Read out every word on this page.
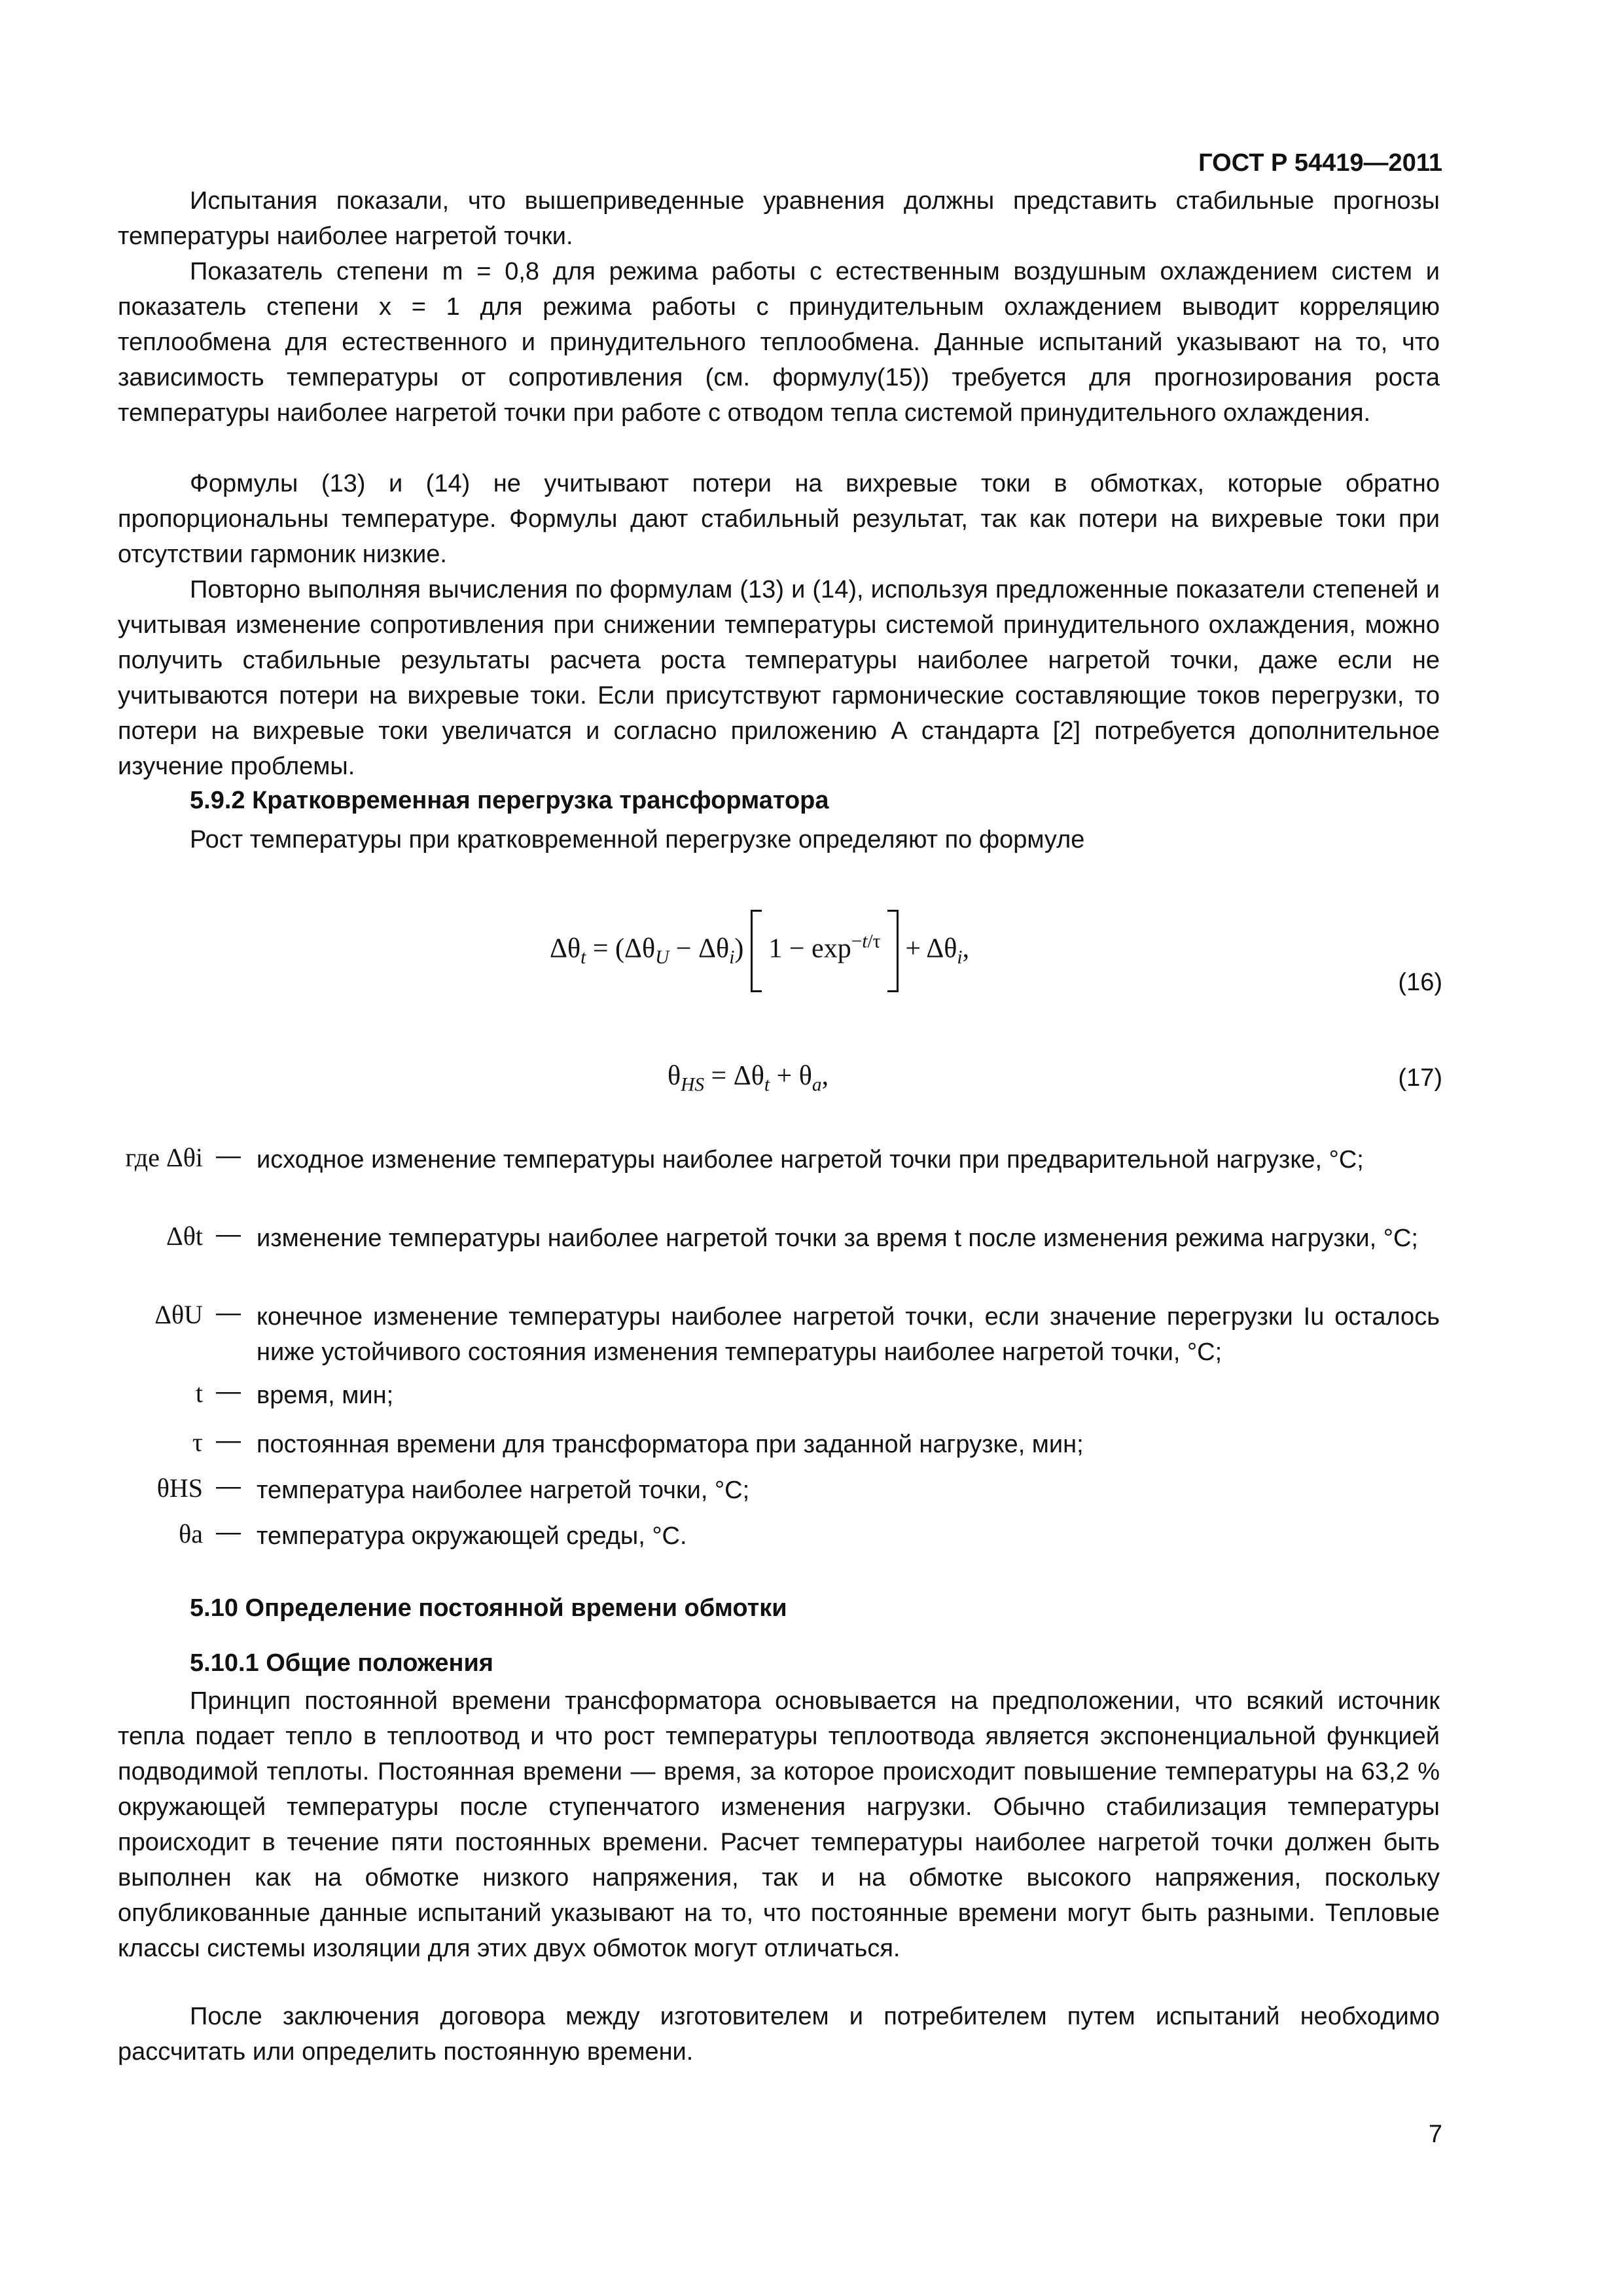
ГОСТ Р 54419—2011

Испытания показали, что вышеприведенные уравнения должны представить стабильные прогнозы температуры наиболее нагретой точки.

Показатель степени m = 0,8 для режима работы с естественным воздушным охлаждением систем и показатель степени x = 1 для режима работы с принудительным охлаждением выводит корреляцию теплообмена для естественного и принудительного теплообмена. Данные испытаний указывают на то, что зависимость температуры от сопротивления (см. формулу(15)) требуется для прогнозирования роста температуры наиболее нагретой точки при работе с отводом тепла системой принудительного охлаждения.

Формулы (13) и (14) не учитывают потери на вихревые токи в обмотках, которые обратно пропорциональны температуре. Формулы дают стабильный результат, так как потери на вихревые токи при отсутствии гармоник низкие.

Повторно выполняя вычисления по формулам (13) и (14), используя предложенные показатели степеней и учитывая изменение сопротивления при снижении температуры системой принудительного охлаждения, можно получить стабильные результаты расчета роста температуры наиболее нагретой точки, даже если не учитываются потери на вихревые токи. Если присутствуют гармонические составляющие токов перегрузки, то потери на вихревые токи увеличатся и согласно приложению А стандарта [2] потребуется дополнительное изучение проблемы.

5.9.2 Кратковременная перегрузка трансформатора

Рост температуры при кратковременной перегрузке определяют по формуле

$\Delta\theta_t = (\Delta\theta_U - \Delta\theta_i) 1 - \exp^{-t/\tau} + \Delta\theta_i$,
(16)
$\theta_{HS} = \Delta\theta_t + \theta_a$,	(17)
где Δθi — исходное изменение температуры наиболее нагретой точки при предварительной нагрузке, °С;

Δθt — изменение температуры наиболее нагретой точки за время t после изменения режима нагрузки, °С;

ΔθU — конечное изменение температуры наиболее нагретой точки, если значение перегрузки Iu осталось ниже устойчивого состояния изменения температуры наиболее нагретой точки, °С;

t — время, мин;

τ — постоянная времени для трансформатора при заданной нагрузке, мин;

θHS — температура наиболее нагретой точки, °С;

θa — температура окружающей среды, °С.

5.10 Определение постоянной времени обмотки

5.10.1 Общие положения

Принцип постоянной времени трансформатора основывается на предположении, что всякий источник тепла подает тепло в теплоотвод и что рост температуры теплоотвода является экспоненциальной функцией подводимой теплоты. Постоянная времени — время, за которое происходит повышение температуры на 63,2 % окружающей температуры после ступенчатого изменения нагрузки. Обычно стабилизация температуры происходит в течение пяти постоянных времени. Расчет температуры наиболее нагретой точки должен быть выполнен как на обмотке низкого напряжения, так и на обмотке высокого напряжения, поскольку опубликованные данные испытаний указывают на то, что постоянные времени могут быть разными. Тепловые классы системы изоляции для этих двух обмоток могут отличаться.

После заключения договора между изготовителем и потребителем путем испытаний необходимо рассчитать или определить постоянную времени.

7
